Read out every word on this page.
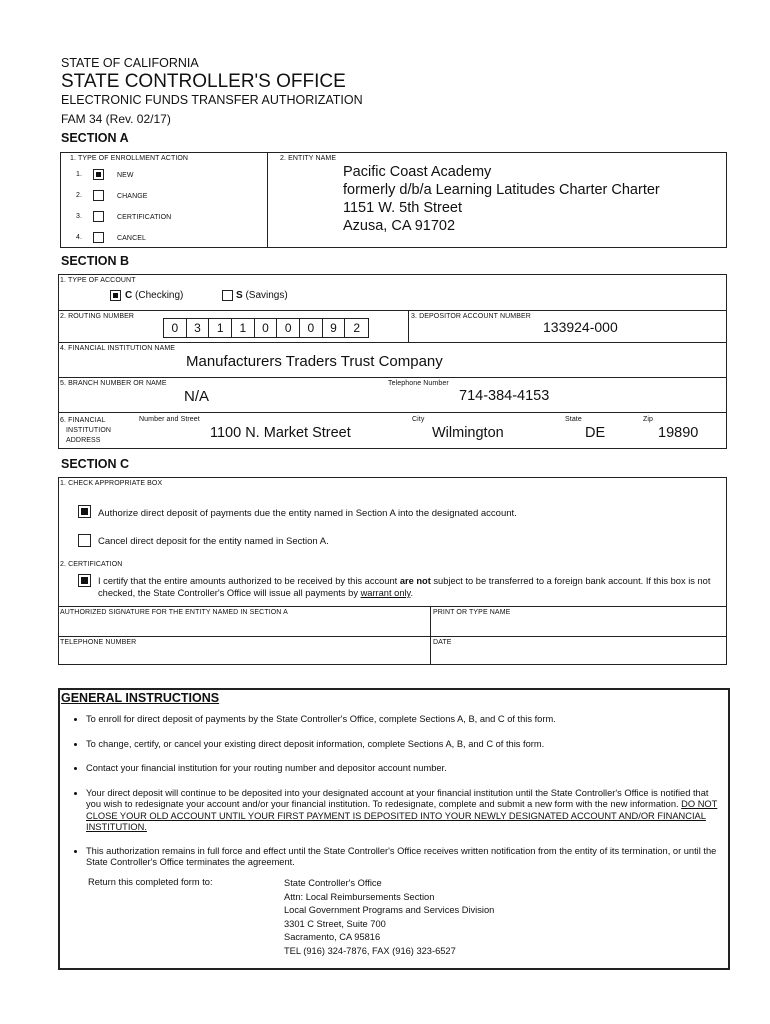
STATE OF CALIFORNIA
STATE CONTROLLER'S OFFICE
ELECTRONIC FUNDS TRANSFER AUTHORIZATION
FAM 34 (Rev. 02/17)
SECTION A
1. TYPE OF ENROLLMENT ACTION	2. ENTITY NAME
1.	NEW
2.	CHANGE
3.	CERTIFICATION
4.	CANCEL
Pacific Coast Academy
formerly d/b/a Learning Latitudes Charter Charter
1151 W. 5th Street
Azusa, CA 91702
SECTION B
1. TYPE OF ACCOUNT
C (Checking)	S (Savings)
2. ROUTING NUMBER
0	3	1	1	0	0	0	9	2
3. DEPOSITOR ACCOUNT NUMBER
133924-000
4. FINANCIAL INSTITUTION NAME
Manufacturers Traders Trust Company
5. BRANCH NUMBER OR NAME
N/A
Telephone Number
714-384-4153
6. FINANCIAL
INSTITUTION
ADDRESS
Number and Street
1100 N. Market Street
City
Wilmington
State
DE
Zip
19890
SECTION C
1. CHECK APPROPRIATE BOX
Authorize direct deposit of payments due the entity named in Section A into the designated account.
Cancel direct deposit for the entity named in Section A.
2. CERTIFICATION
I certify that the entire amounts authorized to be received by this account are not subject to be transferred to a foreign bank account. If this box is not checked, the State Controller's Office will issue all payments by warrant only.
AUTHORIZED SIGNATURE FOR THE ENTITY NAMED IN SECTION A	PRINT OR TYPE NAME
TELEPHONE NUMBER	DATE
GENERAL INSTRUCTIONS
• To enroll for direct deposit of payments by the State Controller's Office, complete Sections A, B, and C of this form.
• To change, certify, or cancel your existing direct deposit information, complete Sections A, B, and C of this form.
• Contact your financial institution for your routing number and depositor account number.
• Your direct deposit will continue to be deposited into your designated account at your financial institution until the State Controller's Office is notified that you wish to redesignate your account and/or your financial institution. To redesignate, complete and submit a new form with the new information. DO NOT CLOSE YOUR OLD ACCOUNT UNTIL YOUR FIRST PAYMENT IS DEPOSITED INTO YOUR NEWLY DESIGNATED ACCOUNT AND/OR FINANCIAL INSTITUTION.
• This authorization remains in full force and effect until the State Controller's Office receives written notification from the entity of its termination, or until the State Controller's Office terminates the agreement.
Return this completed form to:	State Controller's Office
Attn: Local Reimbursements Section
Local Government Programs and Services Division
3301 C Street, Suite 700
Sacramento, CA 95816
TEL (916) 324-7876, FAX (916) 323-6527
